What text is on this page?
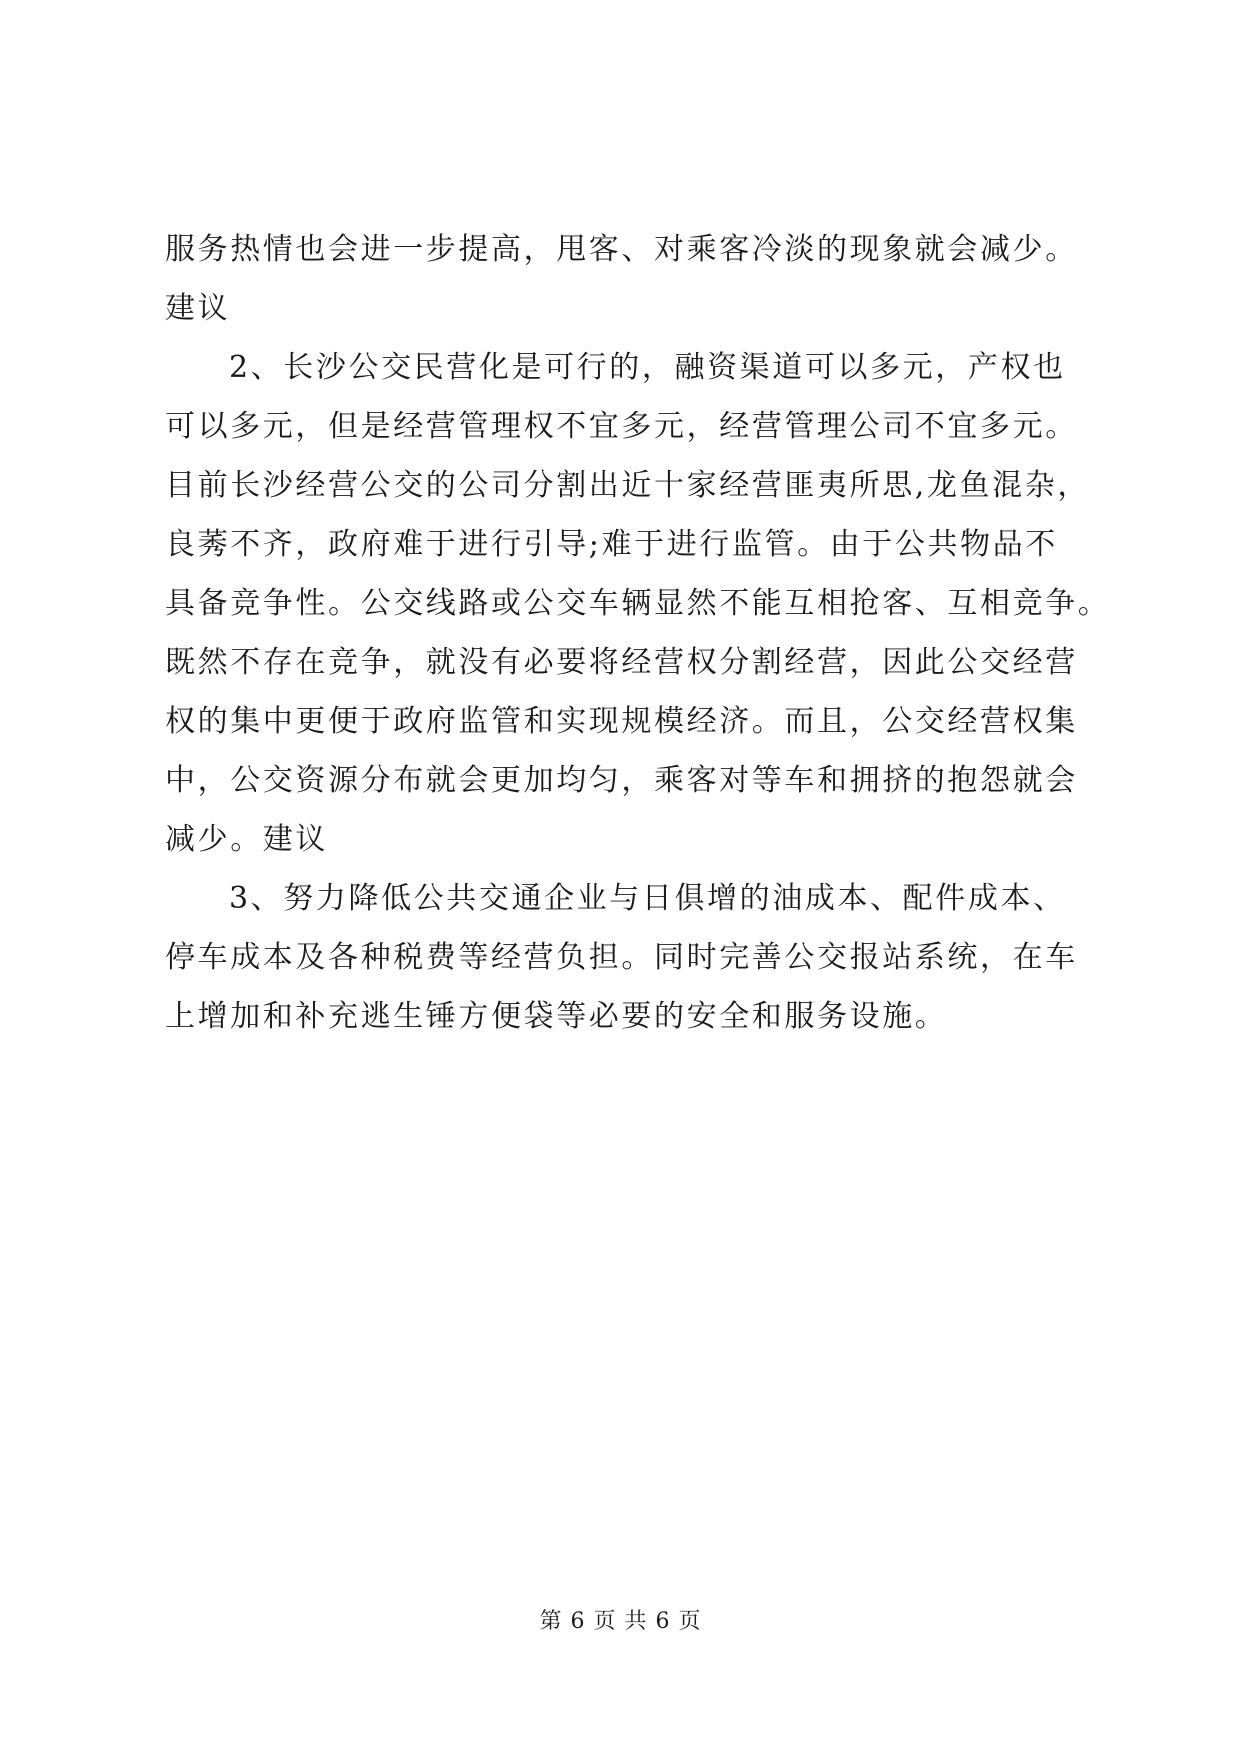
服务热情也会进一步提高，甩客、对乘客冷淡的现象就会减少。
建议
2、长沙公交民营化是可行的，融资渠道可以多元，产权也
可以多元，但是经营管理权不宜多元，经营管理公司不宜多元。
目前长沙经营公交的公司分割出近十家经营匪夷所思,龙鱼混杂，
良莠不齐，政府难于进行引导;难于进行监管。由于公共物品不
具备竞争性。公交线路或公交车辆显然不能互相抢客、互相竞争。
既然不存在竞争，就没有必要将经营权分割经营，因此公交经营
权的集中更便于政府监管和实现规模经济。而且，公交经营权集
中，公交资源分布就会更加均匀，乘客对等车和拥挤的抱怨就会
减少。建议
3、努力降低公共交通企业与日俱增的油成本、配件成本、
停车成本及各种税费等经营负担。同时完善公交报站系统，在车
上增加和补充逃生锤方便袋等必要的安全和服务设施。
第 6 页 共 6 页
